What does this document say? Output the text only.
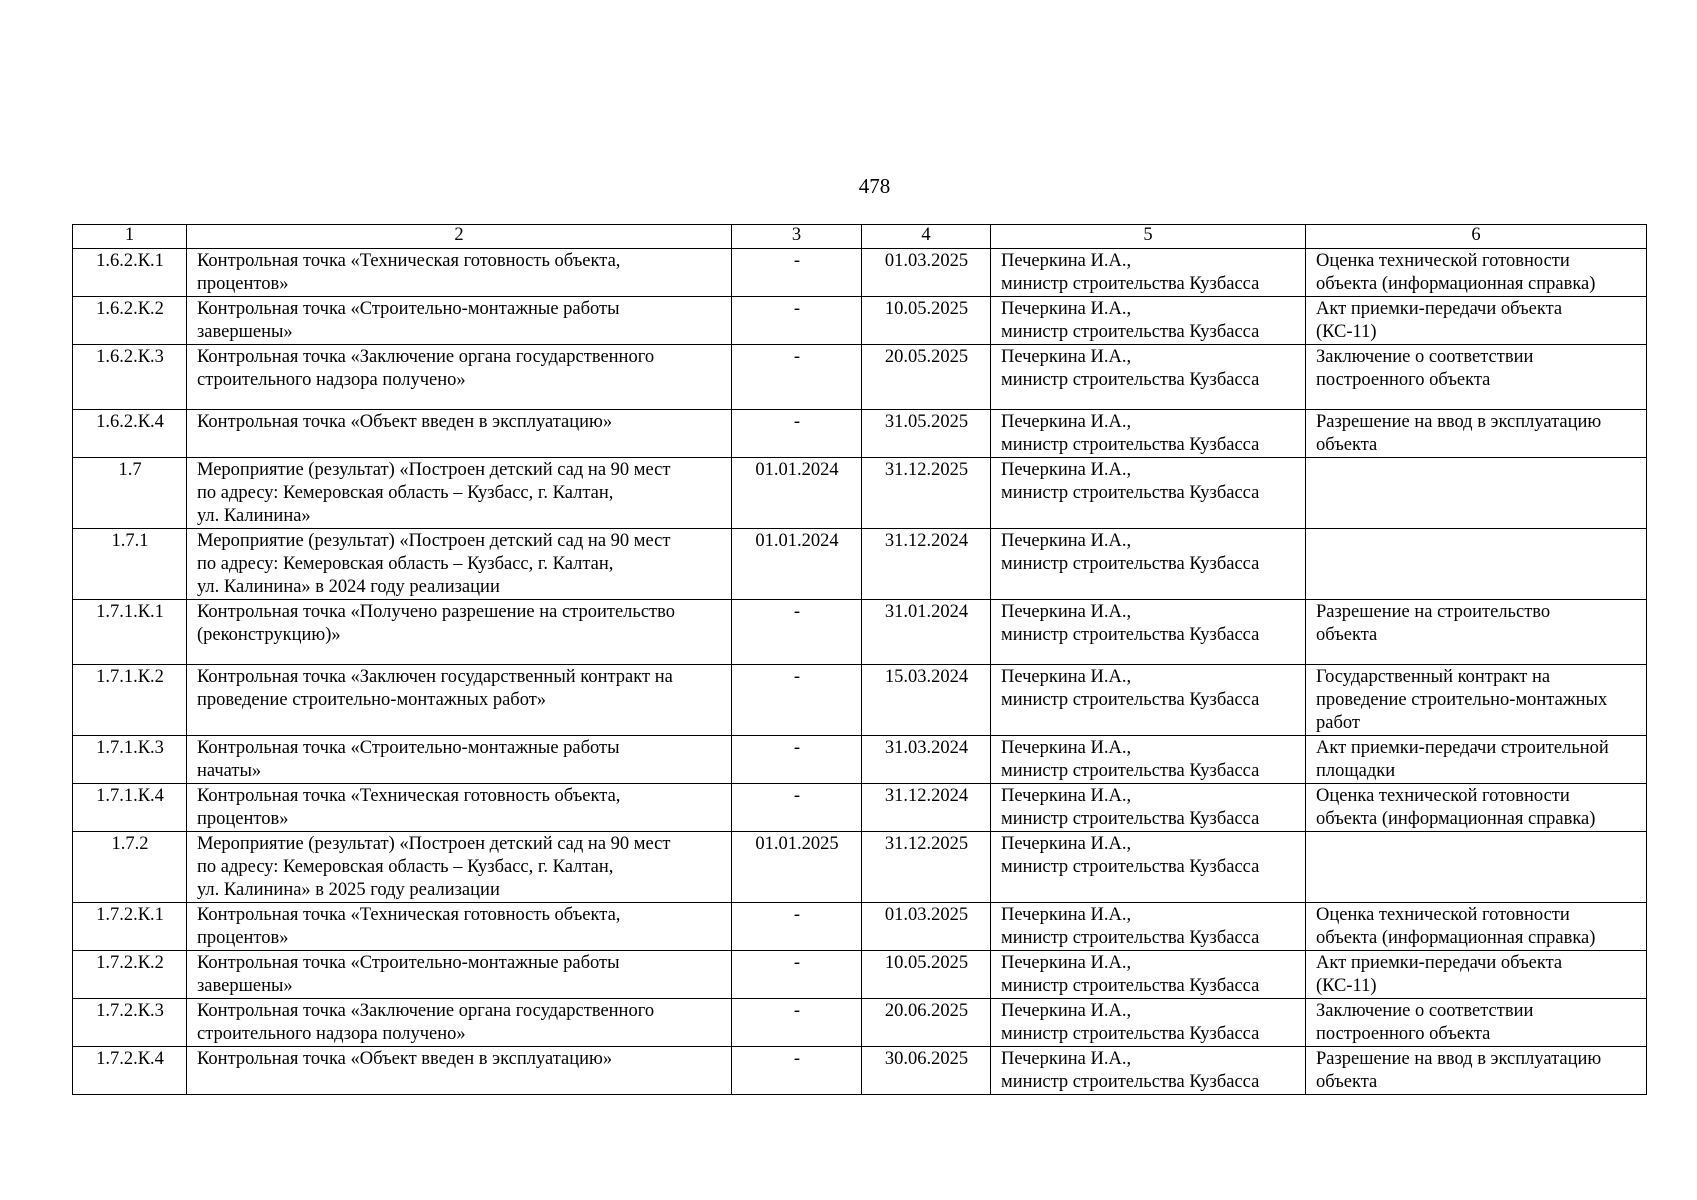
478
1	2	3	4	5	6
1.6.2.К.1	Контрольная точка «Техническая готовность объекта,
процентов»	-	01.03.2025	Печеркина И.А.,
министр строительства Кузбасса	Оценка технической готовности
объекта (информационная справка)
1.6.2.К.2	Контрольная точка «Строительно-монтажные работы
завершены»	-	10.05.2025	Печеркина И.А.,
министр строительства Кузбасса	Акт приемки-передачи объекта
(КС-11)
1.6.2.К.3	Контрольная точка «Заключение органа государственного
строительного надзора получено»	-	20.05.2025	Печеркина И.А.,
министр строительства Кузбасса	Заключение о соответствии
построенного объекта
1.6.2.К.4	Контрольная точка «Объект введен в эксплуатацию»	-	31.05.2025	Печеркина И.А.,
министр строительства Кузбасса	Разрешение на ввод в эксплуатацию
объекта
1.7	Мероприятие (результат) «Построен детский сад на 90 мест
по адресу: Кемеровская область – Кузбасс, г. Калтан,
ул. Калинина»	01.01.2024	31.12.2025	Печеркина И.А.,
министр строительства Кузбасса	
1.7.1	Мероприятие (результат) «Построен детский сад на 90 мест
по адресу: Кемеровская область – Кузбасс, г. Калтан,
ул. Калинина» в 2024 году реализации	01.01.2024	31.12.2024	Печеркина И.А.,
министр строительства Кузбасса	
1.7.1.К.1	Контрольная точка «Получено разрешение на строительство
(реконструкцию)»	-	31.01.2024	Печеркина И.А.,
министр строительства Кузбасса	Разрешение на строительство
объекта
1.7.1.К.2	Контрольная точка «Заключен государственный контракт на
проведение строительно-монтажных работ»	-	15.03.2024	Печеркина И.А.,
министр строительства Кузбасса	Государственный контракт на
проведение строительно-монтажных
работ
1.7.1.К.3	Контрольная точка «Строительно-монтажные работы
начаты»	-	31.03.2024	Печеркина И.А.,
министр строительства Кузбасса	Акт приемки-передачи строительной
площадки
1.7.1.К.4	Контрольная точка «Техническая готовность объекта,
процентов»	-	31.12.2024	Печеркина И.А.,
министр строительства Кузбасса	Оценка технической готовности
объекта (информационная справка)
1.7.2	Мероприятие (результат) «Построен детский сад на 90 мест
по адресу: Кемеровская область – Кузбасс, г. Калтан,
ул. Калинина» в 2025 году реализации	01.01.2025	31.12.2025	Печеркина И.А.,
министр строительства Кузбасса	
1.7.2.К.1	Контрольная точка «Техническая готовность объекта,
процентов»	-	01.03.2025	Печеркина И.А.,
министр строительства Кузбасса	Оценка технической готовности
объекта (информационная справка)
1.7.2.К.2	Контрольная точка «Строительно-монтажные работы
завершены»	-	10.05.2025	Печеркина И.А.,
министр строительства Кузбасса	Акт приемки-передачи объекта
(КС-11)
1.7.2.К.3	Контрольная точка «Заключение органа государственного
строительного надзора получено»	-	20.06.2025	Печеркина И.А.,
министр строительства Кузбасса	Заключение о соответствии
построенного объекта
1.7.2.К.4	Контрольная точка «Объект введен в эксплуатацию»	-	30.06.2025	Печеркина И.А.,
министр строительства Кузбасса	Разрешение на ввод в эксплуатацию
объекта
